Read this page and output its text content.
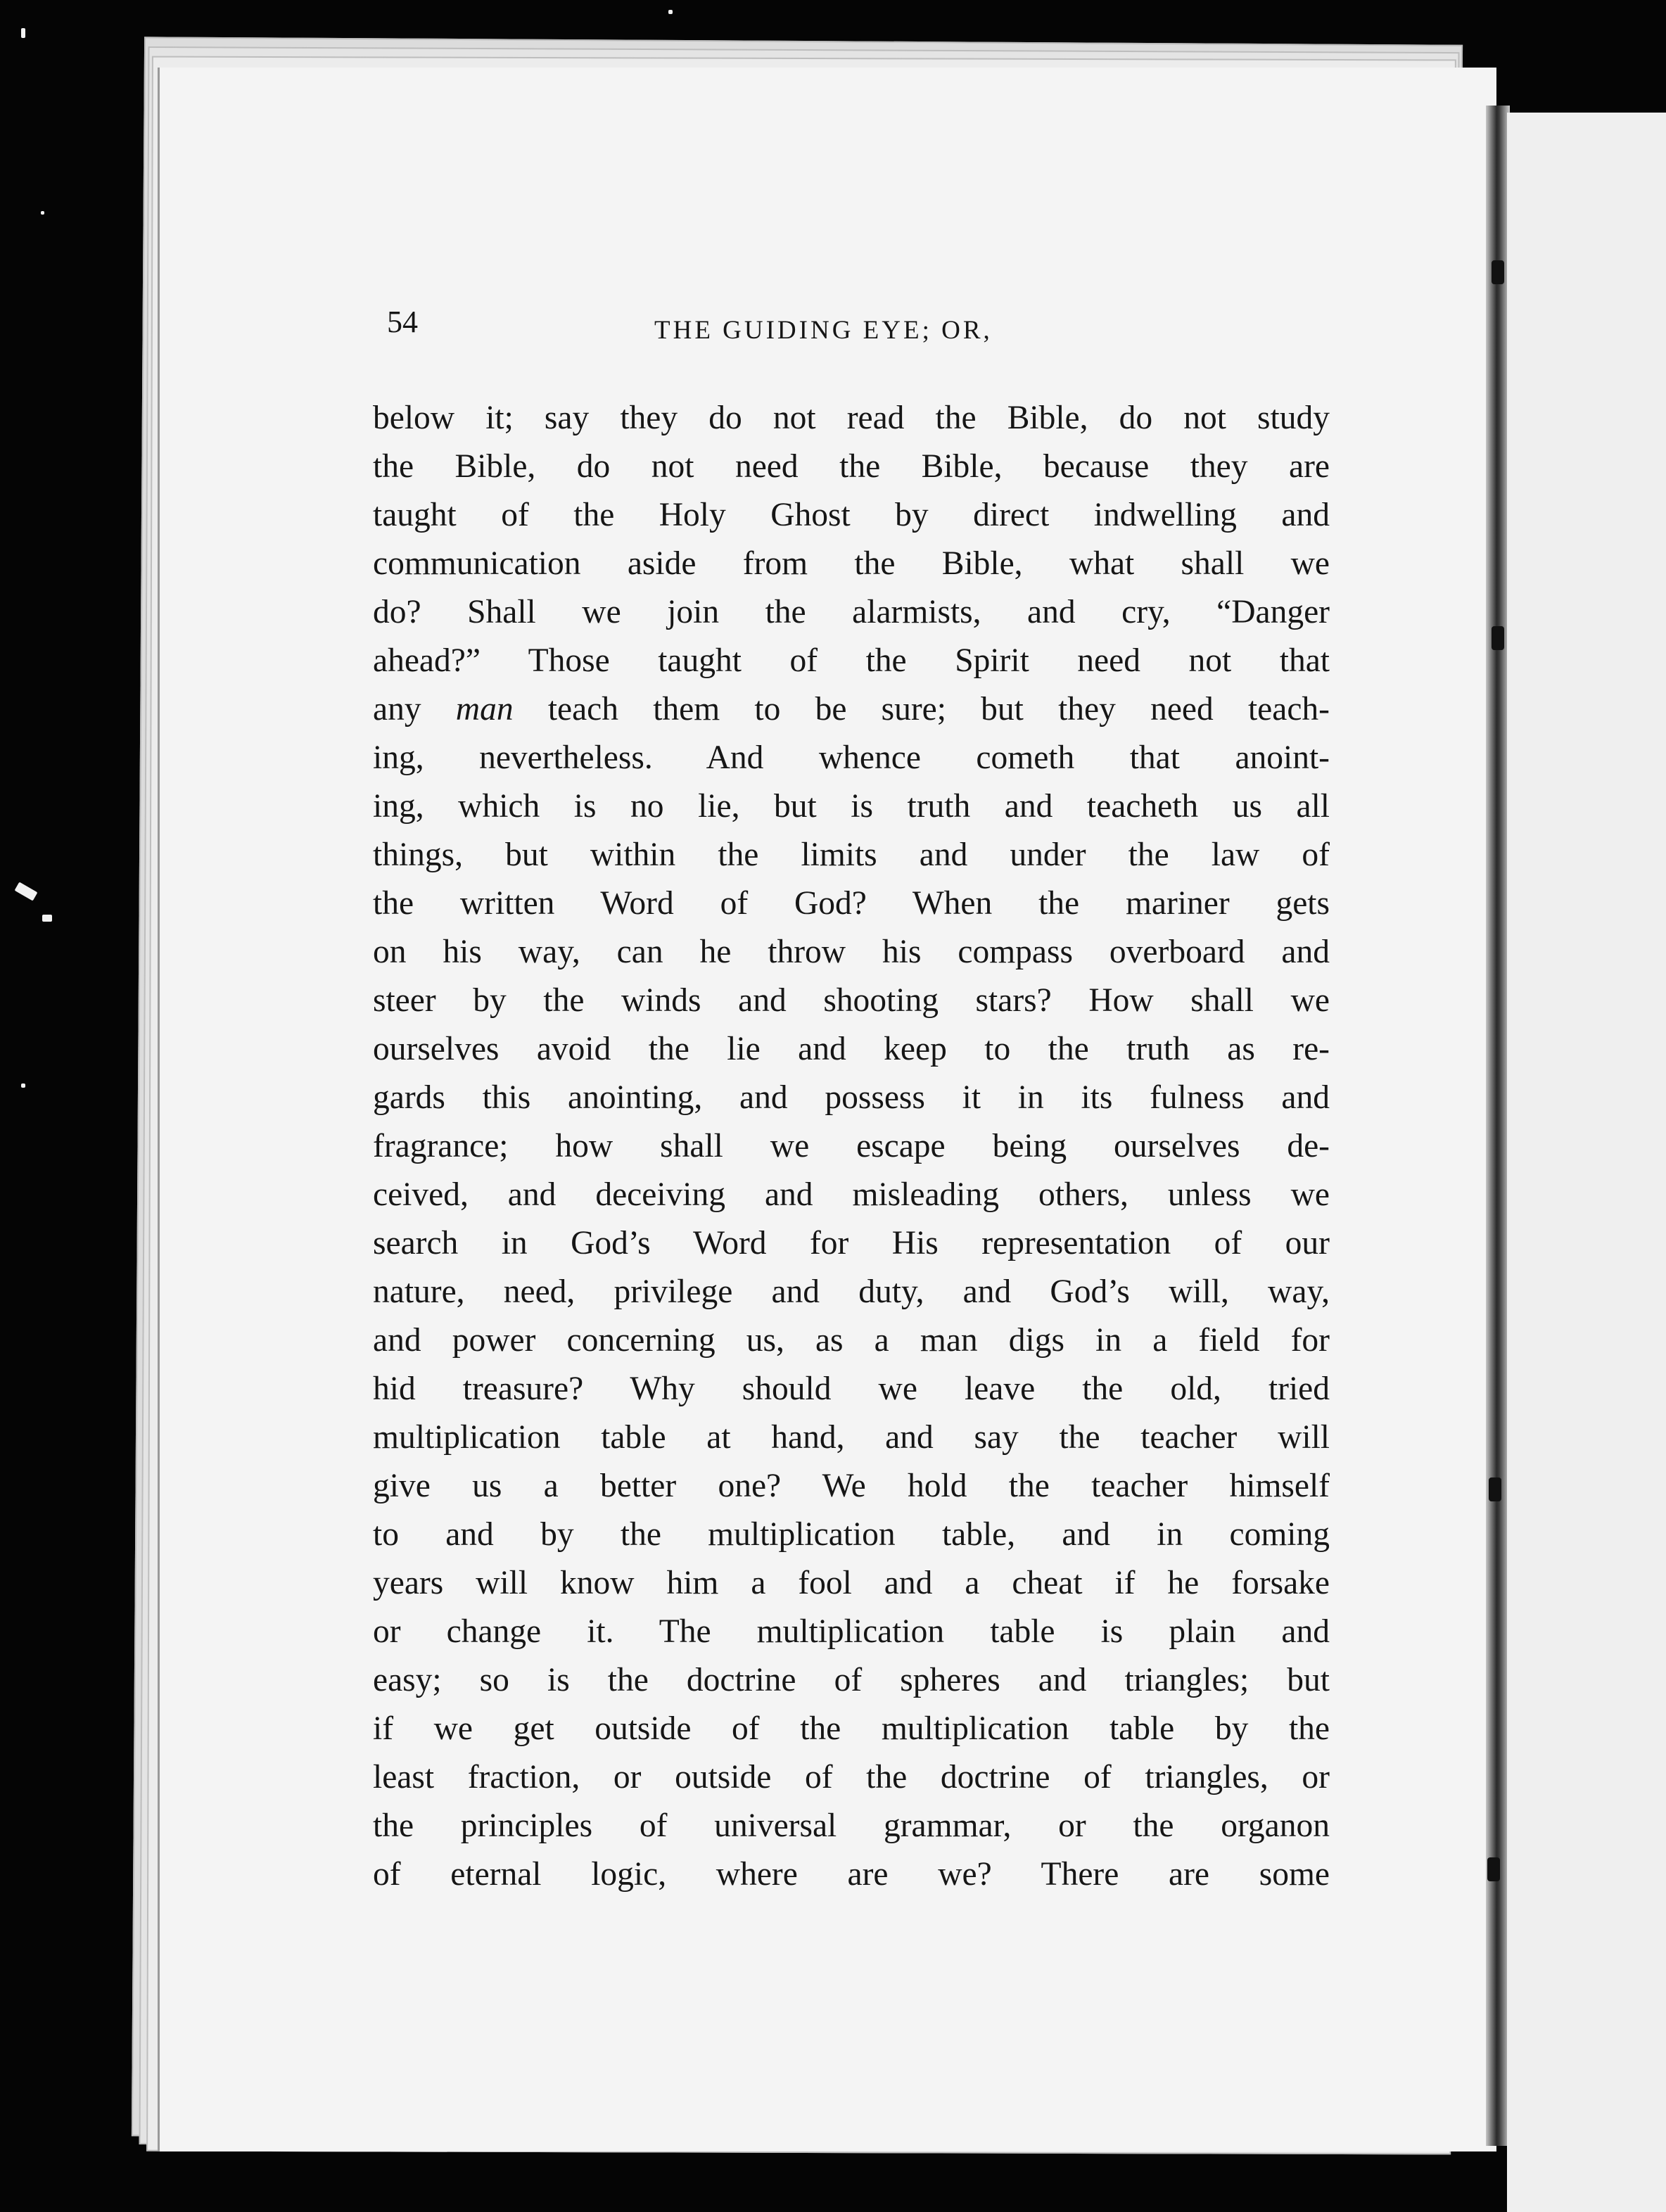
54	THE GUIDING EYE; OR,
below it; say they do not read the Bible, do not study
the Bible, do not need the Bible, because they are
taught of the Holy Ghost by direct indwelling and
communication aside from the Bible, what shall we
do? Shall we join the alarmists, and cry, “Danger
ahead?” Those taught of the Spirit need not that
any man teach them to be sure; but they need teach-
ing, nevertheless. And whence cometh that anoint-
ing, which is no lie, but is truth and teacheth us all
things, but within the limits and under the law of
the written Word of God? When the mariner gets
on his way, can he throw his compass overboard and
steer by the winds and shooting stars? How shall we
ourselves avoid the lie and keep to the truth as re-
gards this anointing, and possess it in its fulness and
fragrance; how shall we escape being ourselves de-
ceived, and deceiving and misleading others, unless we
search in God’s Word for His representation of our
nature, need, privilege and duty, and God’s will, way,
and power concerning us, as a man digs in a field for
hid treasure? Why should we leave the old, tried
multiplication table at hand, and say the teacher will
give us a better one? We hold the teacher himself
to and by the multiplication table, and in coming
years will know him a fool and a cheat if he forsake
or change it. The multiplication table is plain and
easy; so is the doctrine of spheres and triangles; but
if we get outside of the multiplication table by the
least fraction, or outside of the doctrine of triangles, or
the principles of universal grammar, or the organon
of eternal logic, where are we? There are some
